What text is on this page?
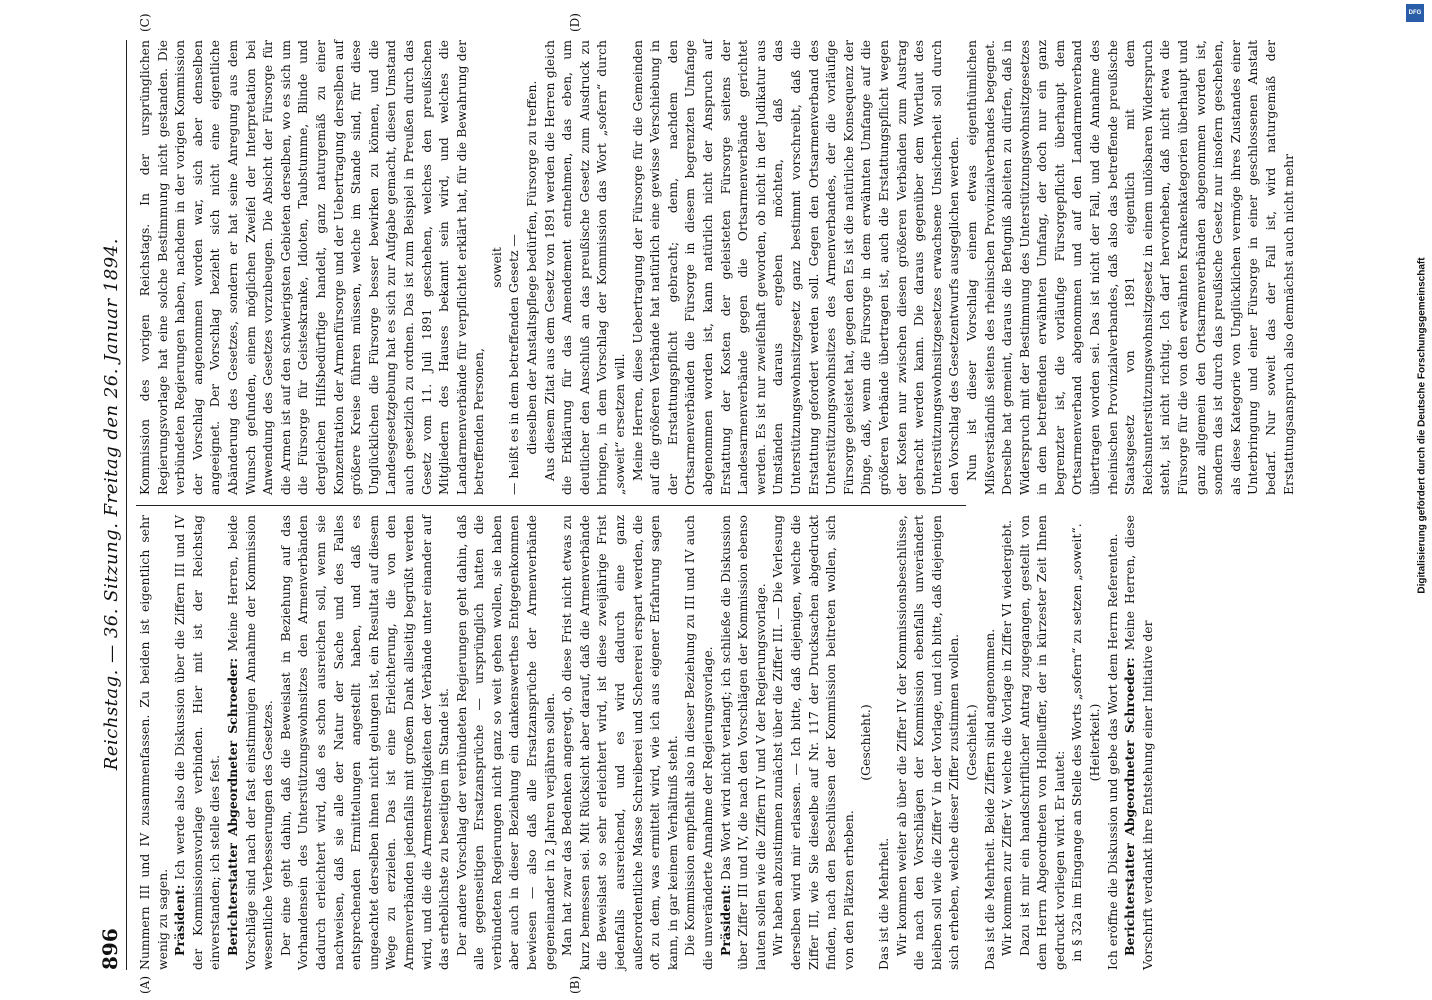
896
Reichstag. — 36. Sitzung. Freitag den 26. Januar 1894.
(A)	(B)
(C)	(D)

Nummern III und IV zusammenfassen. Zu beiden ist eigentlich sehr wenig zu sagen. Präsident: Ich werde also die Diskussion über die Ziffern III und IV der Kommissionsvorlage verbinden. Hier mit ist der Reichstag einverstanden; ich stelle dies fest. Berichterstatter Abgeordneter Schroeder: Meine Herren, beide Vorschläge sind nach der fast einstimmigen Annahme der Kommission wesentliche Verbesserungen des Gesetzes. Der eine geht dahin, daß die Beweislast in Beziehung auf das Vorhandensein des Unterstützungswohnsitzes den Armenverbänden dadurch erleichtert wird, daß es schon ausreichen soll, wenn sie nachweisen, daß sie alle der Natur der Sache und des Falles entsprechenden Ermittelungen angestellt haben, und daß es ungeachtet derselben ihnen nicht gelungen ist, ein Resultat auf diesem Wege zu erzielen. Das ist eine Erleichterung, die von den Armenverbänden jedenfalls mit großem Dank allseitig begrüßt werden wird, und die die Armenstreitigkeiten der Verbände unter einander auf das erheblichste zu beseitigen im Stande ist. Der andere Vorschlag der verbündeten Regierungen geht dahin, daß alle gegenseitigen Ersatzansprüche — ursprünglich hatten die verbündeten Regierungen nicht ganz so weit gehen wollen, sie haben aber auch in dieser Beziehung ein dankenswerthes Entgegenkommen bewiesen — also daß alle Ersatzansprüche der Armenverbände gegeneinander in 2 Jahren verjähren sollen. Man hat zwar das Bedenken angeregt, ob diese Frist nicht etwas zu kurz bemessen sei. Mit Rücksicht aber darauf, daß die Armenverbände die Beweislast so sehr erleichtert wird, ist diese zweijährige Frist jedenfalls ausreichend, und es wird dadurch eine ganz außerordentliche Masse Schreiberei und Schererei erspart werden, die oft zu dem, was ermittelt wird, wie ich aus eigener Erfahrung sagen kann, in gar keinem Verhältniß steht. Die Kommission empfiehlt also in dieser Beziehung zu III und IV auch die unveränderte Annahme der Regierungsvorlage. Präsident: Das Wort wird nicht verlangt; ich schließe die Diskussion über Ziffer III und IV, die nach den Vorschlägen der Kommission ebenso lauten sollen wie die Ziffern IV und V der Regierungsvorlage. Wir haben abzustimmen zunächst über die Ziffer III. — Die Verlesung derselben wird mir erlassen. — Ich bitte, daß diejenigen, welche die Ziffer III, wie Sie dieselbe auf Nr. 117 der Drucksachen abgedruckt finden, nach den Beschlüssen der Kommission beitreten wollen, sich von den Plätzen erheben.

(Geschieht.)

Das ist die Mehrheit. Wir kommen weiter ab über die Ziffer IV der Kommissionsbeschlüsse, die nach den Vorschlägen der Kommission ebenfalls unverändert bleiben soll wie die Ziffer V in der Vorlage, und ich bitte, daß diejenigen sich erheben, welche dieser Ziffer zustimmen wollen. (Geschieht.) Das ist die Mehrheit. Beide Ziffern sind angenommen. Wir kommen zur Ziffer V, welche die Vorlage in Ziffer VI wiedergiebt. Dazu ist mir ein handschriftlicher Antrag zugegangen, gestellt von dem Herrn Abgeordneten von Hollleuffer, der in kürzester Zeit Ihnen gedruckt vorliegen wird. Er lautet: in § 32a im Eingange an Stelle des Worts „sofern“ zu setzen „soweit“. (Heiterkeit.) Ich eröffne die Diskussion und gebe das Wort dem Herrn Referenten. Berichterstatter Abgeordneter Schroeder: Meine Herren, diese Vorschrift verdankt ihre Entstehung einer Initiative der

Kommission des vorigen Reichstags. In der ursprünglichen Regierungsvorlage hat eine solche Bestimmung nicht gestanden. Die verbündeten Regierungen haben, nachdem in der vorigen Kommission der Vorschlag angenommen worden war, sich aber denselben angeeignet. Der Vorschlag bezieht sich nicht eine eigentliche Abänderung des Gesetzes, sondern er hat seine Anregung aus dem Wunsch gefunden, einem möglichen Zweifel der Interpretation bei Anwendung des Gesetzes vorzubeugen. Die Absicht der Fürsorge für die Armen ist auf den schwierigsten Gebieten derselben, wo es sich um die Fürsorge für Geisteskranke, Idioten, Taubstumme, Blinde und dergleichen Hilfsbedürftige handelt, ganz naturgemäß zu einer Konzentration der Armenfürsorge und der Uebertragung derselben auf größere Kreise führen müssen, welche im Stande sind, für diese Unglücklichen die Fürsorge besser bewirken zu können, und die Landesgesetzgebung hat es sich zur Aufgabe gemacht, diesen Umstand auch gesetzlich zu ordnen. Das ist zum Beispiel in Preußen durch das Gesetz vom 11. Juli 1891 geschehen, welches den preußischen Mitgliedern des Hauses bekannt sein wird, und welches die Landarmenverbände für verpflichtet erklärt hat, für die Bewahrung der betreffenden Personen,

soweit — heißt es in dem betreffenden Gesetz — dieselben der Anstaltspflege bedürfen, Fürsorge zu treffen. Aus diesem Zitat aus dem Gesetz von 1891 werden die Herren gleich die Erklärung für das Amendement entnehmen, das eben, um deutlicher den Anschluß an das preußische Gesetz zum Ausdruck zu bringen, in dem Vorschlag der Kommission das Wort „sofern“ durch „soweit“ ersetzen will. Meine Herren, diese Uebertragung der Fürsorge für die Gemeinden auf die größeren Verbände hat natürlich eine gewisse Verschiebung in der Erstattungspflicht gebracht; denn, nachdem den Ortsarmenverbänden die Fürsorge in diesem begrenzten Umfange abgenommen worden ist, kann natürlich nicht der Anspruch auf Erstattung der Kosten der geleisteten Fürsorge seitens der Landesarmenverbände gegen die Ortsarmenverbände gerichtet werden. Es ist nur zweifelhaft geworden, ob nicht in der Judikatur aus Umständen daraus ergeben möchten, daß das Unterstützungswohnsitzgesetz ganz bestimmt vorschreibt, daß die Erstattung gefordert werden soll. Gegen den Ortsarmenverband des Unterstützungswohnsitzes des Armenverbandes, der die vorläufige Fürsorge geleistet hat, gegen den Es ist die natürliche Konsequenz der Dinge, daß, wenn die Fürsorge in dem erwähnten Umfange auf die größeren Verbände übertragen ist, auch die Erstattungspflicht wegen der Kosten nur zwischen diesen größeren Verbänden zum Austrag gebracht werden kann. Die daraus gegenüber dem Wortlaut des Unterstützungswohnsitzgesetzes erwachsene Unsicherheit soll durch den Vorschlag des Gesetzentwurfs ausgeglichen werden. Nun ist dieser Vorschlag einem etwas eigenthümlichen Mißverständniß seitens des rheinischen Provinzialverbandes begegnet. Derselbe hat gemeint, daraus die Befugniß ableiten zu dürfen, daß in Widerspruch mit der Bestimmung des Unterstützungswohnsitzgesetzes in dem betreffenden erwähnten Umfang, der doch nur ein ganz begrenzter ist, die vorläufige Fürsorgepflicht überhaupt dem Ortsarmenverband abgenommen und auf den Landarmenverband übertragen worden sei. Das ist nicht der Fall, und die Annahme des rheinischen Provinzialverbandes, daß also das betreffende preußische Staatsgesetz von 1891 eigentlich mit dem Reichsunterstützungswohnsitzgesetz in einem unlösbaren Widerspruch steht, ist nicht richtig. Ich darf hervorheben, daß nicht etwa die Fürsorge für die von den erwähnten Krankenkategorien überhaupt und ganz allgemein den Ortsarmenverbänden abgenommen worden ist, sondern das ist durch das preußische Gesetz nur insofern geschehen, als diese Kategorie von Unglücklichen vermöge ihres Zustandes einer Unterbringung und einer Fürsorge in einer geschlossenen Anstalt bedarf. Nur soweit das der Fall ist, wird naturgemäß der Erstattungsanspruch also demnächst auch nicht mehr

DFG
Digitalisierung gefördert durch die Deutsche Forschungsgemeinschaft
